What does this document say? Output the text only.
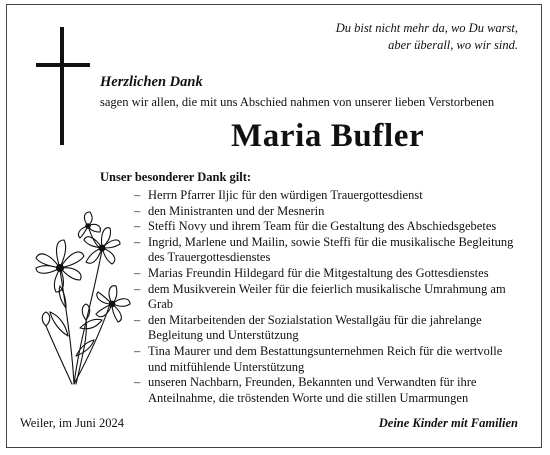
Du bist nicht mehr da, wo Du warst,
aber überall, wo wir sind.
Herzlichen Dank
sagen wir allen, die mit uns Abschied nahmen von unserer lieben Verstorbenen
Maria Bufler
Unser besonderer Dank gilt:
– Herrn Pfarrer Iljic für den würdigen Trauergottesdienst
– den Ministranten und der Mesnerin
– Steffi Novy und ihrem Team für die Gestaltung des Abschiedsgebetes
– Ingrid, Marlene und Mailin, sowie Steffi für die musikalische Begleitung des Trauergottesdienstes
– Marias Freundin Hildegard für die Mitgestaltung des Gottesdienstes
– dem Musikverein Weiler für die feierlich musikalische Umrahmung am Grab
– den Mitarbeitenden der Sozialstation Westallgäu für die jahrelange Begleitung und Unterstützung
– Tina Maurer und dem Bestattungsunternehmen Reich für die wertvolle und mitfühlende Unterstützung
– unseren Nachbarn, Freunden, Bekannten und Verwandten für ihre Anteilnahme, die tröstenden Worte und die stillen Umarmungen
Weiler, im Juni 2024	Deine Kinder mit Familien
